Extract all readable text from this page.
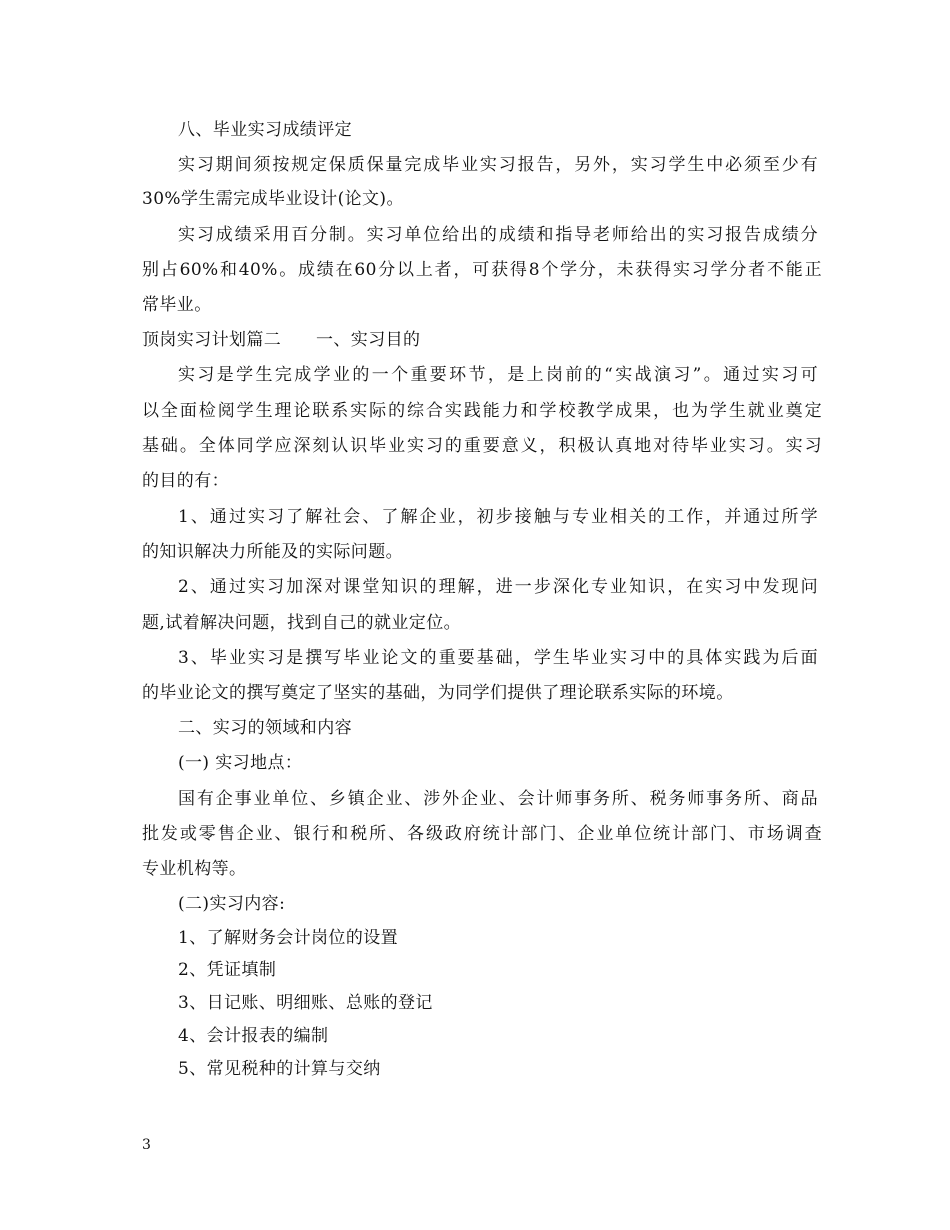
八、毕业实习成绩评定
实习期间须按规定保质保量完成毕业实习报告，另外，实习学生中必须至少有
30%学生需完成毕业设计(论文)。
实习成绩采用百分制。实习单位给出的成绩和指导老师给出的实习报告成绩分
别占60%和40%。成绩在60分以上者，可获得8个学分，未获得实习学分者不能正
常毕业。
顶岗实习计划篇二　　一、实习目的
实习是学生完成学业的一个重要环节，是上岗前的“实战演习”。通过实习可
以全面检阅学生理论联系实际的综合实践能力和学校教学成果，也为学生就业奠定
基础。全体同学应深刻认识毕业实习的重要意义，积极认真地对待毕业实习。实习
的目的有：
1、通过实习了解社会、了解企业，初步接触与专业相关的工作，并通过所学
的知识解决力所能及的实际问题。
2、通过实习加深对课堂知识的理解，进一步深化专业知识，在实习中发现问
题,试着解决问题，找到自己的就业定位。
3、毕业实习是撰写毕业论文的重要基础，学生毕业实习中的具体实践为后面
的毕业论文的撰写奠定了坚实的基础，为同学们提供了理论联系实际的环境。
二、实习的领域和内容
(一) 实习地点：
国有企事业单位、乡镇企业、涉外企业、会计师事务所、税务师事务所、商品
批发或零售企业、银行和税所、各级政府统计部门、企业单位统计部门、市场调查
专业机构等。
(二)实习内容:
1、了解财务会计岗位的设置
2、凭证填制
3、日记账、明细账、总账的登记
4、会计报表的编制
5、常见税种的计算与交纳
3
